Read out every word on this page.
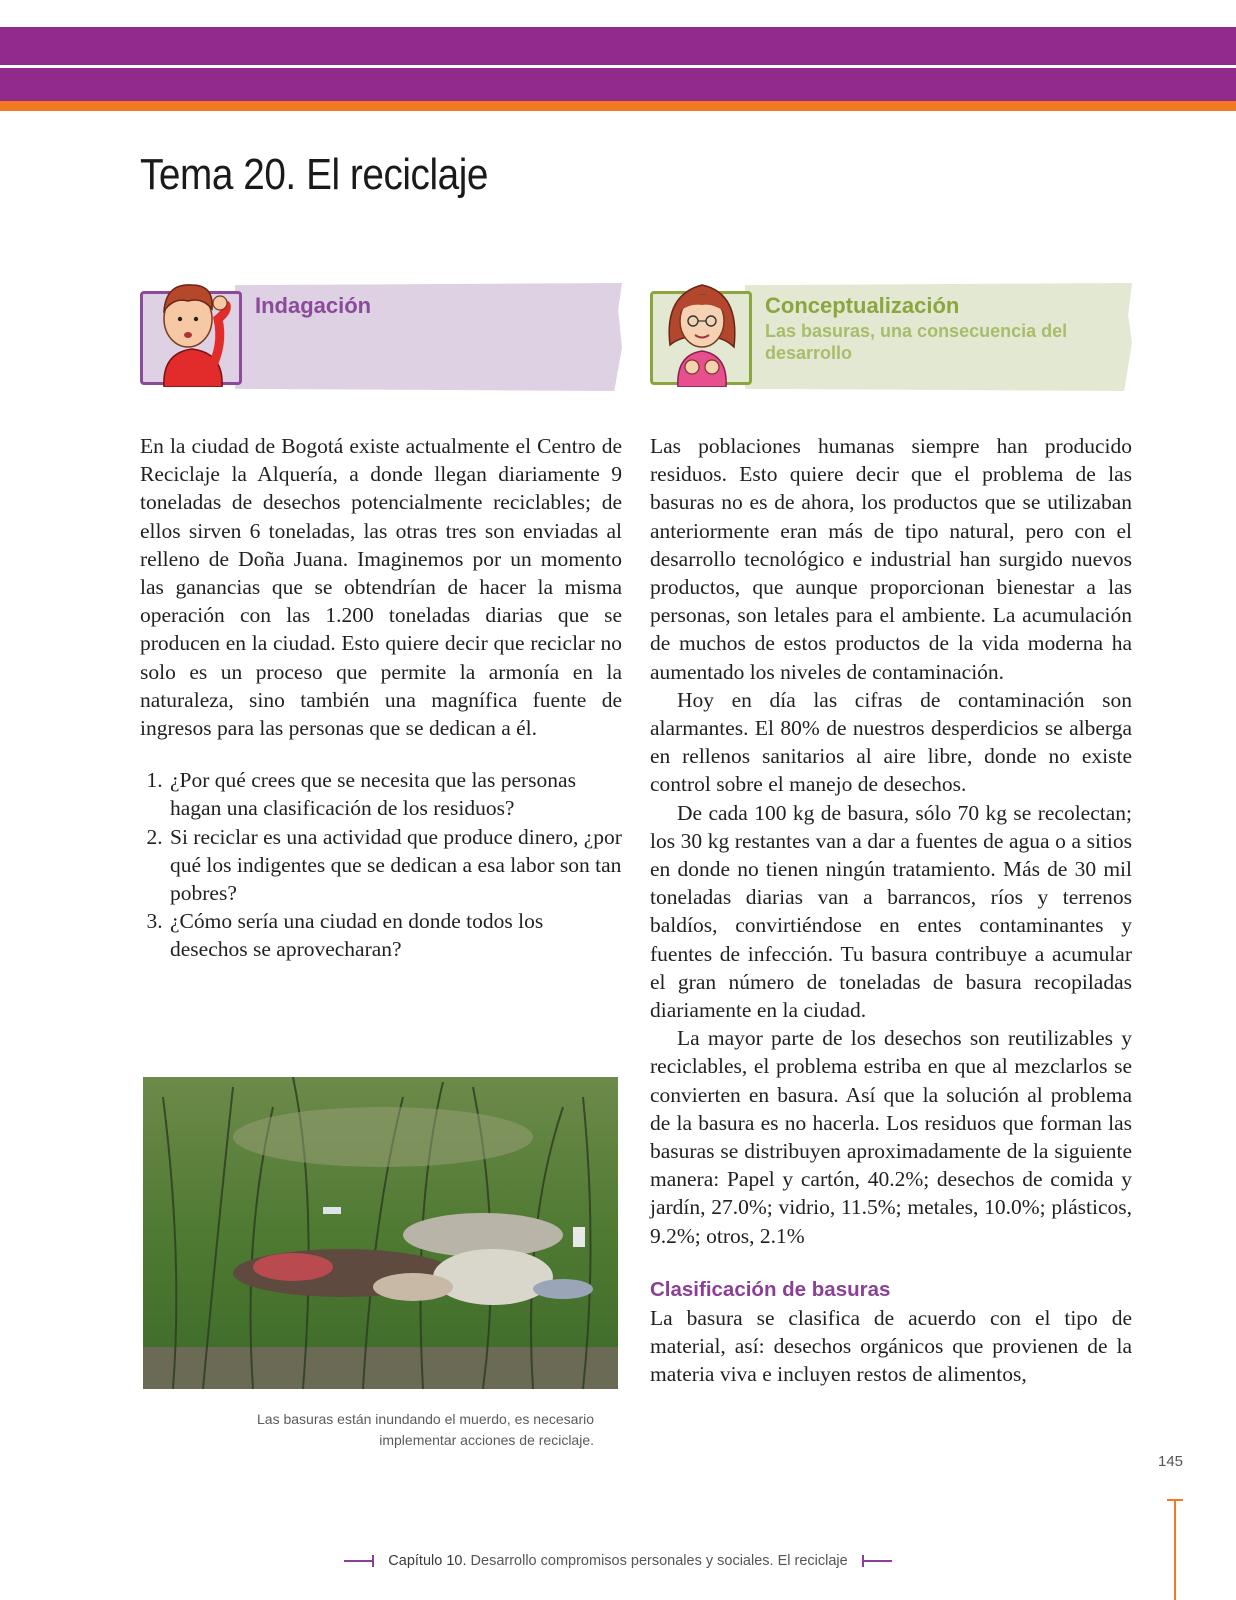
Tema 20. El reciclaje
Indagación	Conceptualización
Las basuras, una consecuencia del desarrollo

En la ciudad de Bogotá existe actualmente el Centro de Reciclaje la Alquería, a donde llegan diariamente 9 toneladas de desechos potencialmente reciclables; de ellos sirven 6 toneladas, las otras tres son enviadas al relleno de Doña Juana. Imaginemos por un momento las ganancias que se obtendrían de hacer la misma operación con las 1.200 toneladas diarias que se producen en la ciudad. Esto quiere decir que reciclar no solo es un proceso que permite la armonía en la naturaleza, sino también una magnífica fuente de ingresos para las personas que se dedican a él.

1. ¿Por qué crees que se necesita que las personas hagan una clasificación de los residuos?
2. Si reciclar es una actividad que produce dinero, ¿por qué los indigentes que se dedican a esa labor son tan pobres?
3. ¿Cómo sería una ciudad en donde todos los desechos se aprovecharan?
Las basuras están inundando el muerdo, es necesario implementar acciones de reciclaje.

Las poblaciones humanas siempre han producido residuos. Esto quiere decir que el problema de las basuras no es de ahora, los productos que se utilizaban anteriormente eran más de tipo natural, pero con el desarrollo tecnológico e industrial han surgido nuevos productos, que aunque proporcionan bienestar a las personas, son letales para el ambiente. La acumulación de muchos de estos productos de la vida moderna ha aumentado los niveles de contaminación.

Hoy en día las cifras de contaminación son alarmantes. El 80% de nuestros desperdicios se alberga en rellenos sanitarios al aire libre, donde no existe control sobre el manejo de desechos.

De cada 100 kg de basura, sólo 70 kg se recolectan; los 30 kg restantes van a dar a fuentes de agua o a sitios en donde no tienen ningún tratamiento. Más de 30 mil toneladas diarias van a barrancos, ríos y terrenos baldíos, convirtiéndose en entes contaminantes y fuentes de infección. Tu basura contribuye a acumular el gran número de toneladas de basura recopiladas diariamente en la ciudad.

La mayor parte de los desechos son reutilizables y reciclables, el problema estriba en que al mezclarlos se convierten en basura. Así que la solución al problema de la basura es no hacerla. Los residuos que forman las basuras se distribuyen aproximadamente de la siguiente manera: Papel y cartón, 40.2%; desechos de comida y jardín, 27.0%; vidrio, 11.5%; metales, 10.0%; plásticos, 9.2%; otros, 2.1%

Clasificación de basuras

La basura se clasifica de acuerdo con el tipo de material, así: desechos orgánicos que provienen de la materia viva e incluyen restos de alimentos,

145
Capítulo 10. Desarrollo compromisos personales y sociales. El reciclaje
